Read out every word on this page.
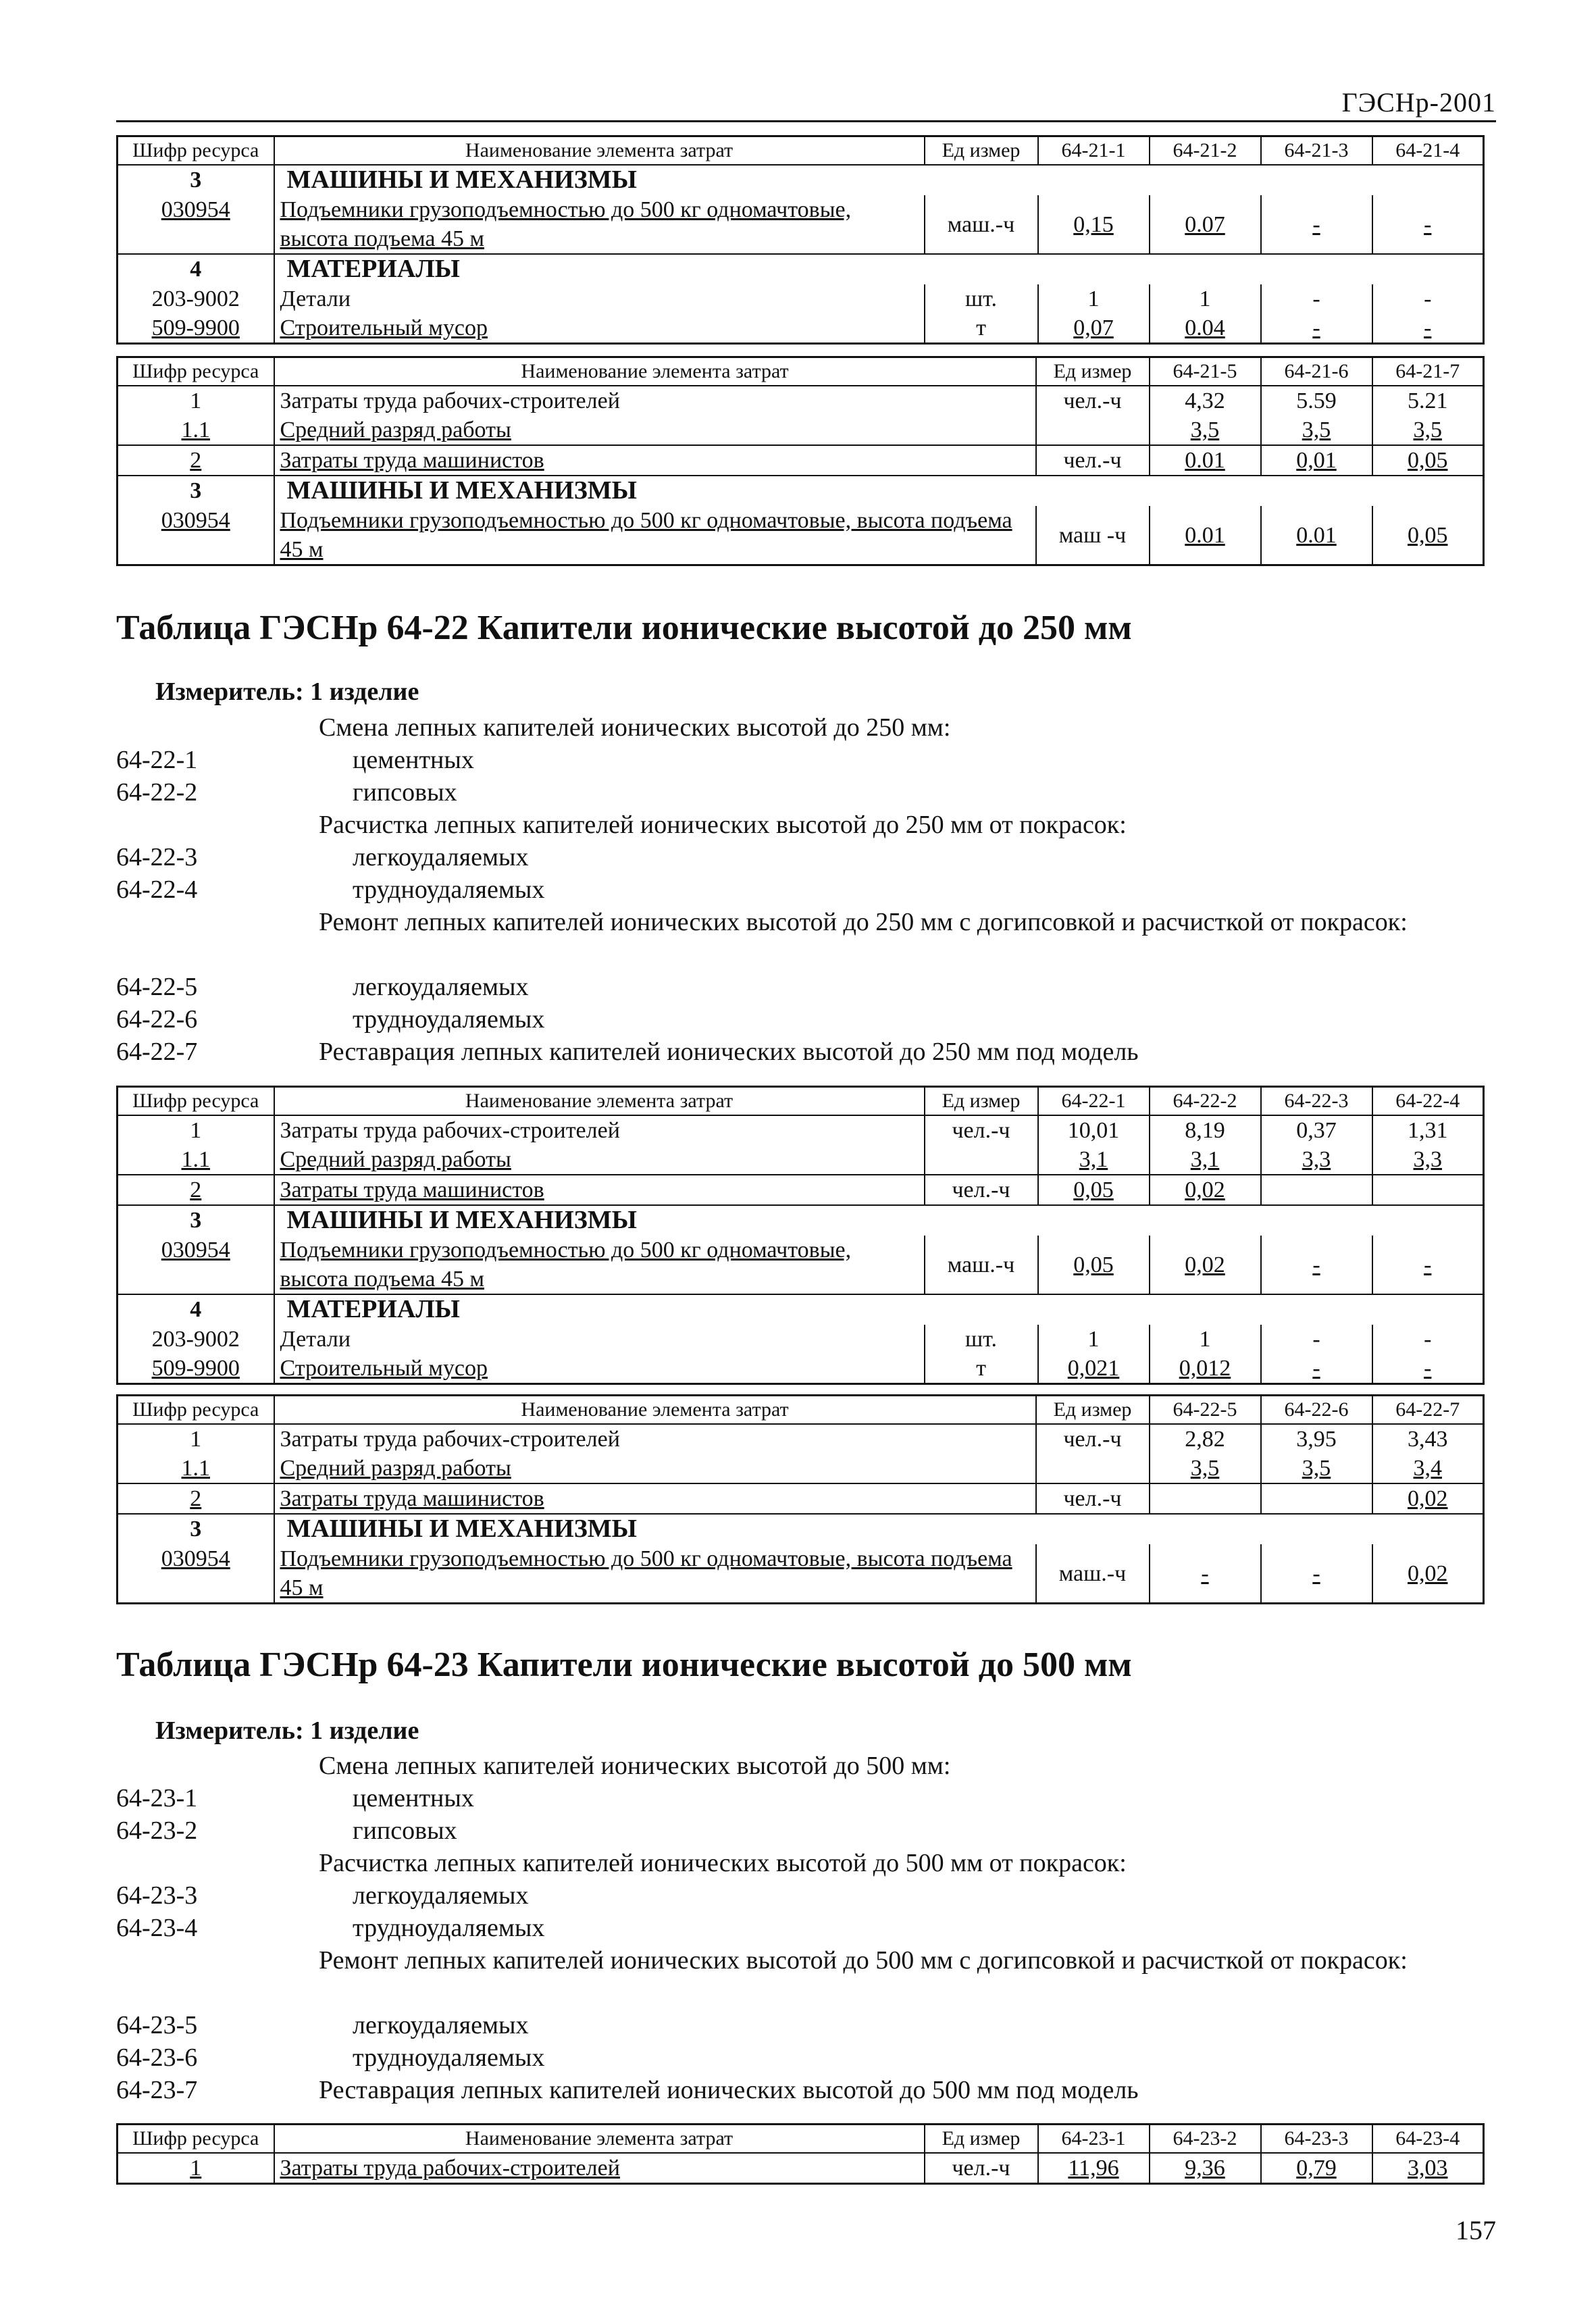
ГЭСНр-2001
Шифр ресурса	Наименование элемента затрат	Ед измер	64-21-1	64-21-2	64-21-3	64-21-4
3	МАШИНЫ И МЕХАНИЗМЫ					
030954	Подъемники грузоподъемностью до 500 кг одномачтовые, высота подъема 45 м	маш.-ч	0,15	0.07	-	-
4	МАТЕРИАЛЫ					
203-9002	Детали	шт.	1	1	-	-
509-9900	Строительный мусор	т	0,07	0.04	-	-
Шифр ресурса	Наименование элемента затрат	Ед измер	64-21-5	64-21-6	64-21-7
1	Затраты труда рабочих-строителей	чел.-ч	4,32	5.59	5.21
1.1	Средний разряд работы		3,5	3,5	3,5
2	Затраты труда машинистов	чел.-ч	0.01	0,01	0,05
3	МАШИНЫ И МЕХАНИЗМЫ				
030954	Подъемники грузоподъемностью до 500 кг одномачтовые, высота подъема 45 м	маш -ч	0.01	0.01	0,05
Таблица ГЭСНр 64-22 Капители ионические высотой до 250 мм
Измеритель: 1 изделие
Смена лепных капителей ионических высотой до 250 мм:
64-22-1	цементных
64-22-2	гипсовых
Расчистка лепных капителей ионических высотой до 250 мм от покрасок:
64-22-3	легкоудаляемых
64-22-4	трудноудаляемых
Ремонт лепных капителей ионических высотой до 250 мм с догипсовкой и расчисткой от покрасок:
64-22-5	легкоудаляемых
64-22-6	трудноудаляемых
64-22-7	Реставрация лепных капителей ионических высотой до 250 мм под модель
Шифр ресурса	Наименование элемента затрат	Ед измер	64-22-1	64-22-2	64-22-3	64-22-4
1	Затраты труда рабочих-строителей	чел.-ч	10,01	8,19	0,37	1,31
1.1	Средний разряд работы		3,1	3,1	3,3	3,3
2	Затраты труда машинистов	чел.-ч	0,05	0,02		
3	МАШИНЫ И МЕХАНИЗМЫ					
030954	Подъемники грузоподъемностью до 500 кг одномачтовые, высота подъема 45 м	маш.-ч	0,05	0,02	-	-
4	МАТЕРИАЛЫ					
203-9002	Детали	шт.	1	1	-	-
509-9900	Строительный мусор	т	0,021	0,012	-	-
Шифр ресурса	Наименование элемента затрат	Ед измер	64-22-5	64-22-6	64-22-7
1	Затраты труда рабочих-строителей	чел.-ч	2,82	3,95	3,43
1.1	Средний разряд работы		3,5	3,5	3,4
2	Затраты труда машинистов	чел.-ч			0,02
3	МАШИНЫ И МЕХАНИЗМЫ				
030954	Подъемники грузоподъемностью до 500 кг одномачтовые, высота подъема 45 м	маш.-ч	-	-	0,02
Таблица ГЭСНр 64-23 Капители ионические высотой до 500 мм
Измеритель: 1 изделие
Смена лепных капителей ионических высотой до 500 мм:
64-23-1	цементных
64-23-2	гипсовых
Расчистка лепных капителей ионических высотой до 500 мм от покрасок:
64-23-3	легкоудаляемых
64-23-4	трудноудаляемых
Ремонт лепных капителей ионических высотой до 500 мм с догипсовкой и расчисткой от покрасок:
64-23-5	легкоудаляемых
64-23-6	трудноудаляемых
64-23-7	Реставрация лепных капителей ионических высотой до 500 мм под модель
Шифр ресурса	Наименование элемента затрат	Ед измер	64-23-1	64-23-2	64-23-3	64-23-4
1	Затраты труда рабочих-строителей	чел.-ч	11,96	9,36	0,79	3,03
157
